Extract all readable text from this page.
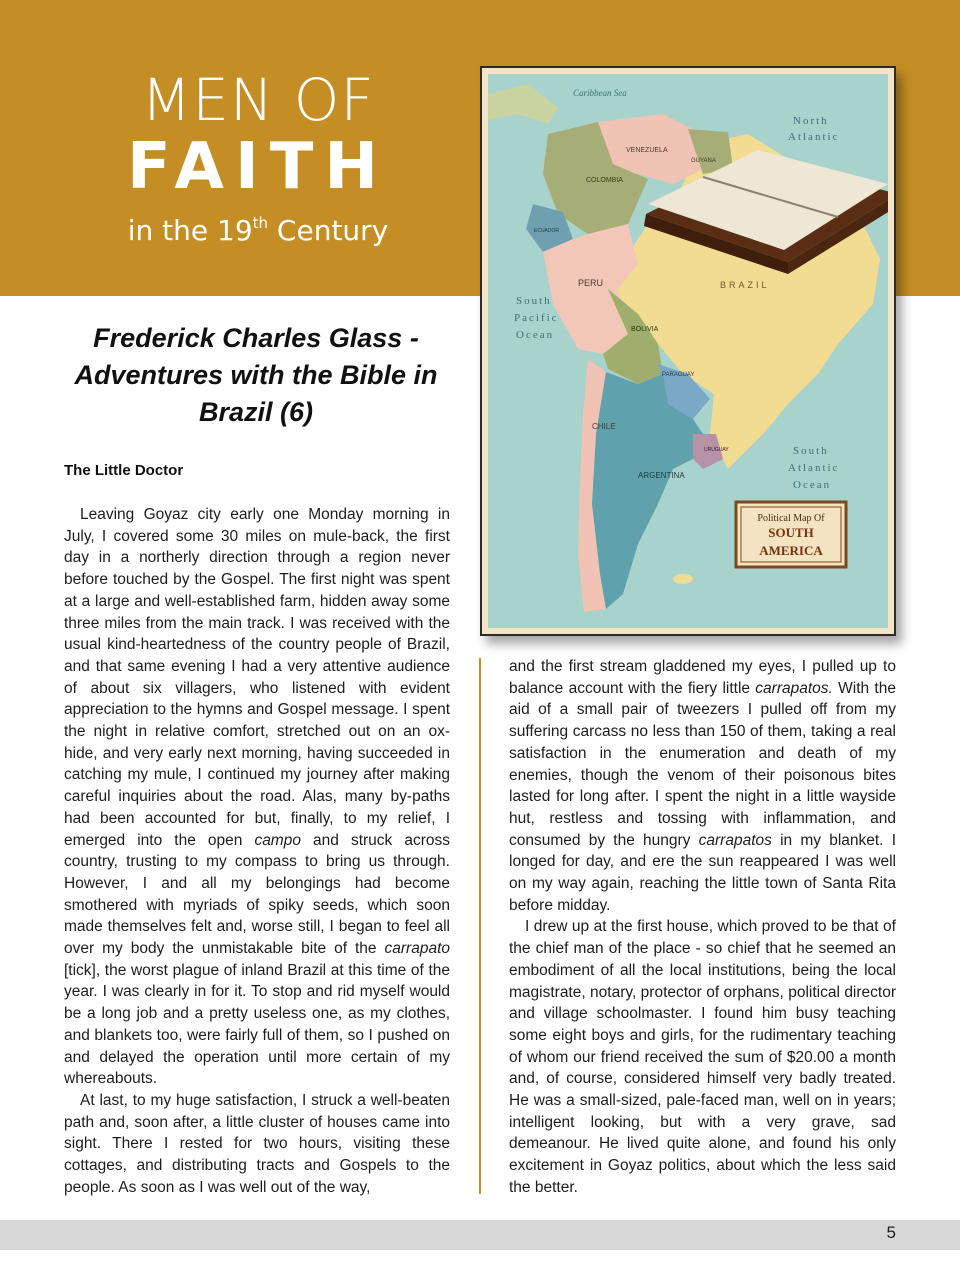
MEN OF
FAITH
in the 19th Century
Caribbean Sea
North
Atlantic
South
Pacific
Ocean
South
Atlantic
Ocean
BRAZIL
VENEZUELA
COLOMBIA
GUYANA
ECUADOR
PERU
BOLIVIA
PARAGUAY
CHILE
ARGENTINA
URUGUAY
Political Map Of
SOUTH
AMERICA
Frederick Charles Glass - Adventures with the Bible in Brazil (6)
The Little Doctor

Leaving Goyaz city early one Monday morning in July, I covered some 30 miles on mule-back, the first day in a northerly direction through a region never before touched by the Gospel. The first night was spent at a large and well-established farm, hidden away some three miles from the main track. I was received with the usual kind-heartedness of the country people of Brazil, and that same evening I had a very attentive audience of about six villagers, who listened with evident appreciation to the hymns and Gospel message. I spent the night in relative comfort, stretched out on an ox-hide, and very early next morning, having succeeded in catching my mule, I continued my journey after making careful inquiries about the road. Alas, many by-paths had been accounted for but, finally, to my relief, I emerged into the open campo and struck across country, trusting to my compass to bring us through. However, I and all my belongings had become smothered with myriads of spiky seeds, which soon made themselves felt and, worse still, I began to feel all over my body the unmistakable bite of the carrapato [tick], the worst plague of inland Brazil at this time of the year. I was clearly in for it. To stop and rid myself would be a long job and a pretty useless one, as my clothes, and blankets too, were fairly full of them, so I pushed on and delayed the operation until more certain of my whereabouts.

At last, to my huge satisfaction, I struck a well-beaten path and, soon after, a little cluster of houses came into sight. There I rested for two hours, visiting these cottages, and distributing tracts and Gospels to the people. As soon as I was well out of the way,

and the first stream gladdened my eyes, I pulled up to balance account with the fiery little carrapatos. With the aid of a small pair of tweezers I pulled off from my suffering carcass no less than 150 of them, taking a real satisfaction in the enumeration and death of my enemies, though the venom of their poisonous bites lasted for long after. I spent the night in a little wayside hut, restless and tossing with inflammation, and consumed by the hungry carrapatos in my blanket. I longed for day, and ere the sun reappeared I was well on my way again, reaching the little town of Santa Rita before midday.

I drew up at the first house, which proved to be that of the chief man of the place - so chief that he seemed an embodiment of all the local institutions, being the local magistrate, notary, protector of orphans, political director and village schoolmaster. I found him busy teaching some eight boys and girls, for the rudimentary teaching of whom our friend received the sum of $20.00 a month and, of course, considered himself very badly treated. He was a small-sized, pale-faced man, well on in years; intelligent looking, but with a very grave, sad demeanour. He lived quite alone, and found his only excitement in Goyaz politics, about which the less said the better.

5
